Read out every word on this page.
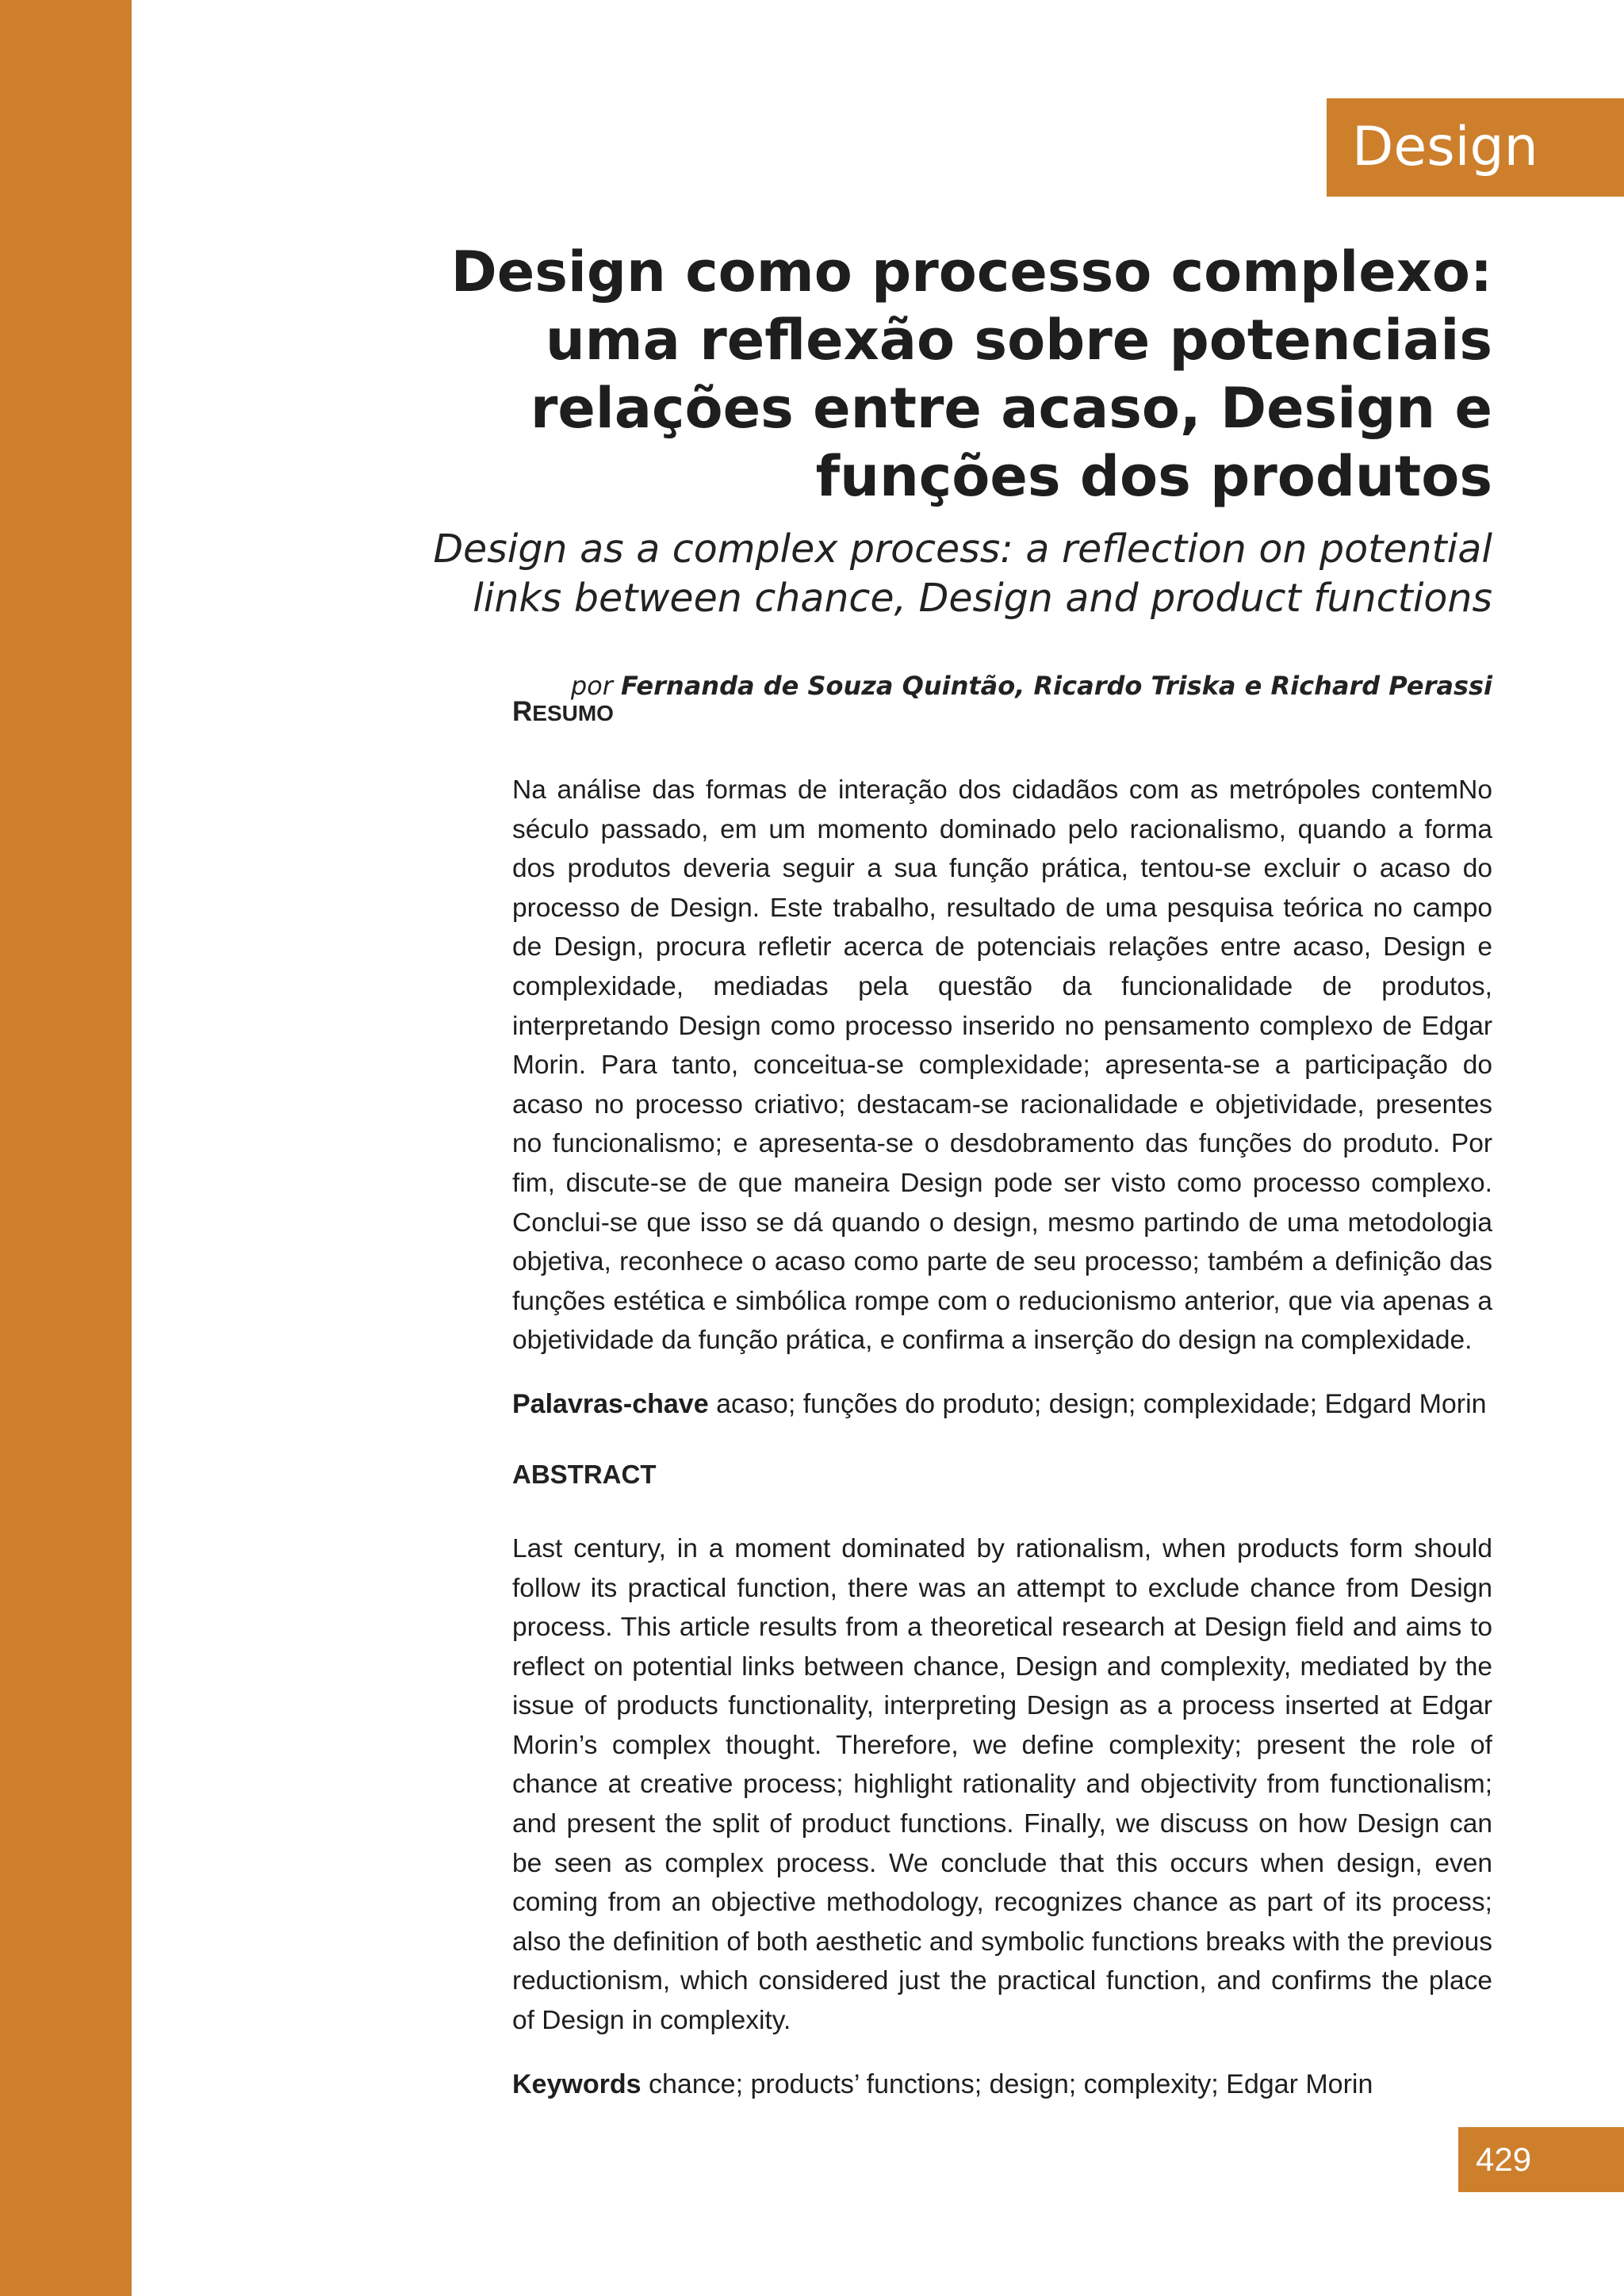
Design
Design como processo complexo: uma reflexão sobre potenciais relações entre acaso, Design e funções dos produtos

Design as a complex process: a reflection on potential links between chance, Design and product functions

por Fernanda de Souza Quintão, Ricardo Triska e Richard Perassi
RESUMO

Na análise das formas de interação dos cidadãos com as metrópoles contemNo século passado, em um momento dominado pelo racionalismo, quando a forma dos produtos deveria seguir a sua função prática, tentou-se excluir o acaso do processo de Design. Este trabalho, resultado de uma pesquisa teórica no campo de Design, procura refletir acerca de potenciais relações entre acaso, Design e complexidade, mediadas pela questão da funcionalidade de produtos, interpretando Design como processo inserido no pensamento complexo de Edgar Morin. Para tanto, conceitua-se complexidade; apresenta-se a participação do acaso no processo criativo; destacam-se racionalidade e objetividade, presentes no funcionalismo; e apresenta-se o desdobramento das funções do produto. Por fim, discute-se de que maneira Design pode ser visto como processo complexo. Conclui-se que isso se dá quando o design, mesmo partindo de uma metodologia objetiva, reconhece o acaso como parte de seu processo; também a definição das funções estética e simbólica rompe com o reducionismo anterior, que via apenas a objetividade da função prática, e confirma a inserção do design na complexidade.

Palavras-chave acaso; funções do produto; design; complexidade; Edgard Morin

ABSTRACT

Last century, in a moment dominated by rationalism, when products form should follow its practical function, there was an attempt to exclude chance from Design process. This article results from a theoretical research at Design field and aims to reflect on potential links between chance, Design and complexity, mediated by the issue of products functionality, interpreting Design as a process inserted at Edgar Morin’s complex thought. Therefore, we define complexity; present the role of chance at creative process; highlight rationality and objectivity from functionalism; and present the split of product functions. Finally, we discuss on how Design can be seen as complex process. We conclude that this occurs when design, even coming from an objective methodology, recognizes chance as part of its process; also the definition of both aesthetic and symbolic functions breaks with the previous reductionism, which considered just the practical function, and confirms the place of Design in complexity.

Keywords chance; products’ functions; design; complexity; Edgar Morin

429
